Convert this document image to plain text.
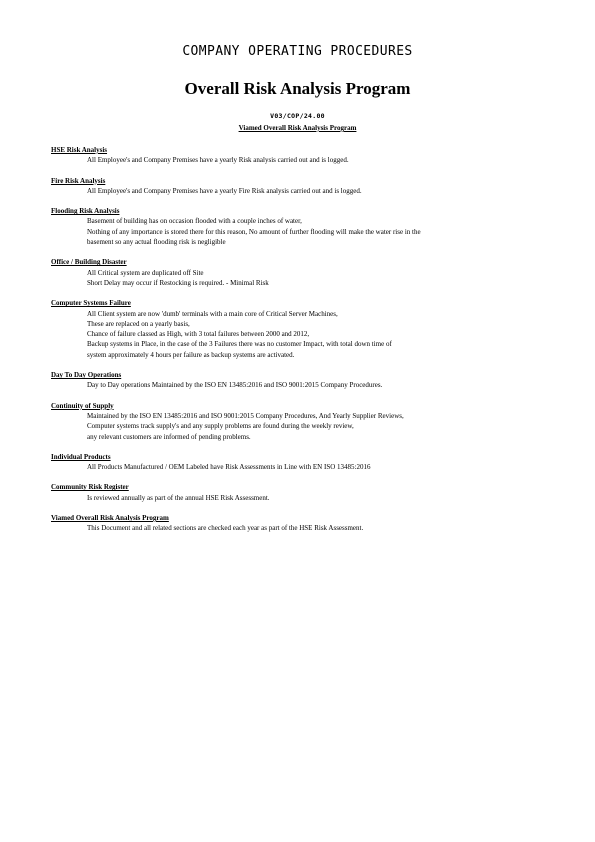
COMPANY OPERATING PROCEDURES
Overall Risk Analysis Program
V03/COP/24.00
Viamed Overall Risk Analysis Program
HSE Risk Analysis
All Employee's and Company Premises have a yearly Risk analysis carried out and is logged.
Fire Risk Analysis
All Employee's and Company Premises have a yearly Fire Risk analysis carried out and is logged.
Flooding Risk Analysis
Basement of building has on occasion flooded with a couple inches of water,
Nothing of any importance is stored there for this reason, No amount of further flooding will make the water rise in the
basement so any actual flooding risk is negligible
Office / Building Disaster
All Critical system are duplicated off Site
Short Delay may occur if Restocking is required. - Minimal Risk
Computer Systems Failure
All Client system are now 'dumb' terminals with a main core of Critical Server Machines,
These are replaced on a yearly basis,
Chance of failure classed as High, with 3 total failures between 2000 and 2012,
Backup systems in Place, in the case of the 3 Failures there was no customer Impact, with total down time of
system approximately 4 hours per failure as backup systems are activated.
Day To Day Operations
Day to Day operations Maintained by the ISO EN 13485:2016 and ISO 9001:2015 Company Procedures.
Continuity of Supply
Maintained by the ISO EN 13485:2016 and ISO 9001:2015 Company Procedures, And Yearly Supplier Reviews,
Computer systems track supply's and any supply problems are found during the weekly review,
any relevant customers are informed of pending problems.
Individual Products
All Products Manufactured / OEM Labeled have Risk Assessments in Line with EN ISO 13485:2016
Community Risk Register
Is reviewed annually as part of the annual HSE Risk Assessment.
Viamed Overall Risk Analysis Program
This Document and all related sections are checked each year as part of the HSE Risk Assessment.
